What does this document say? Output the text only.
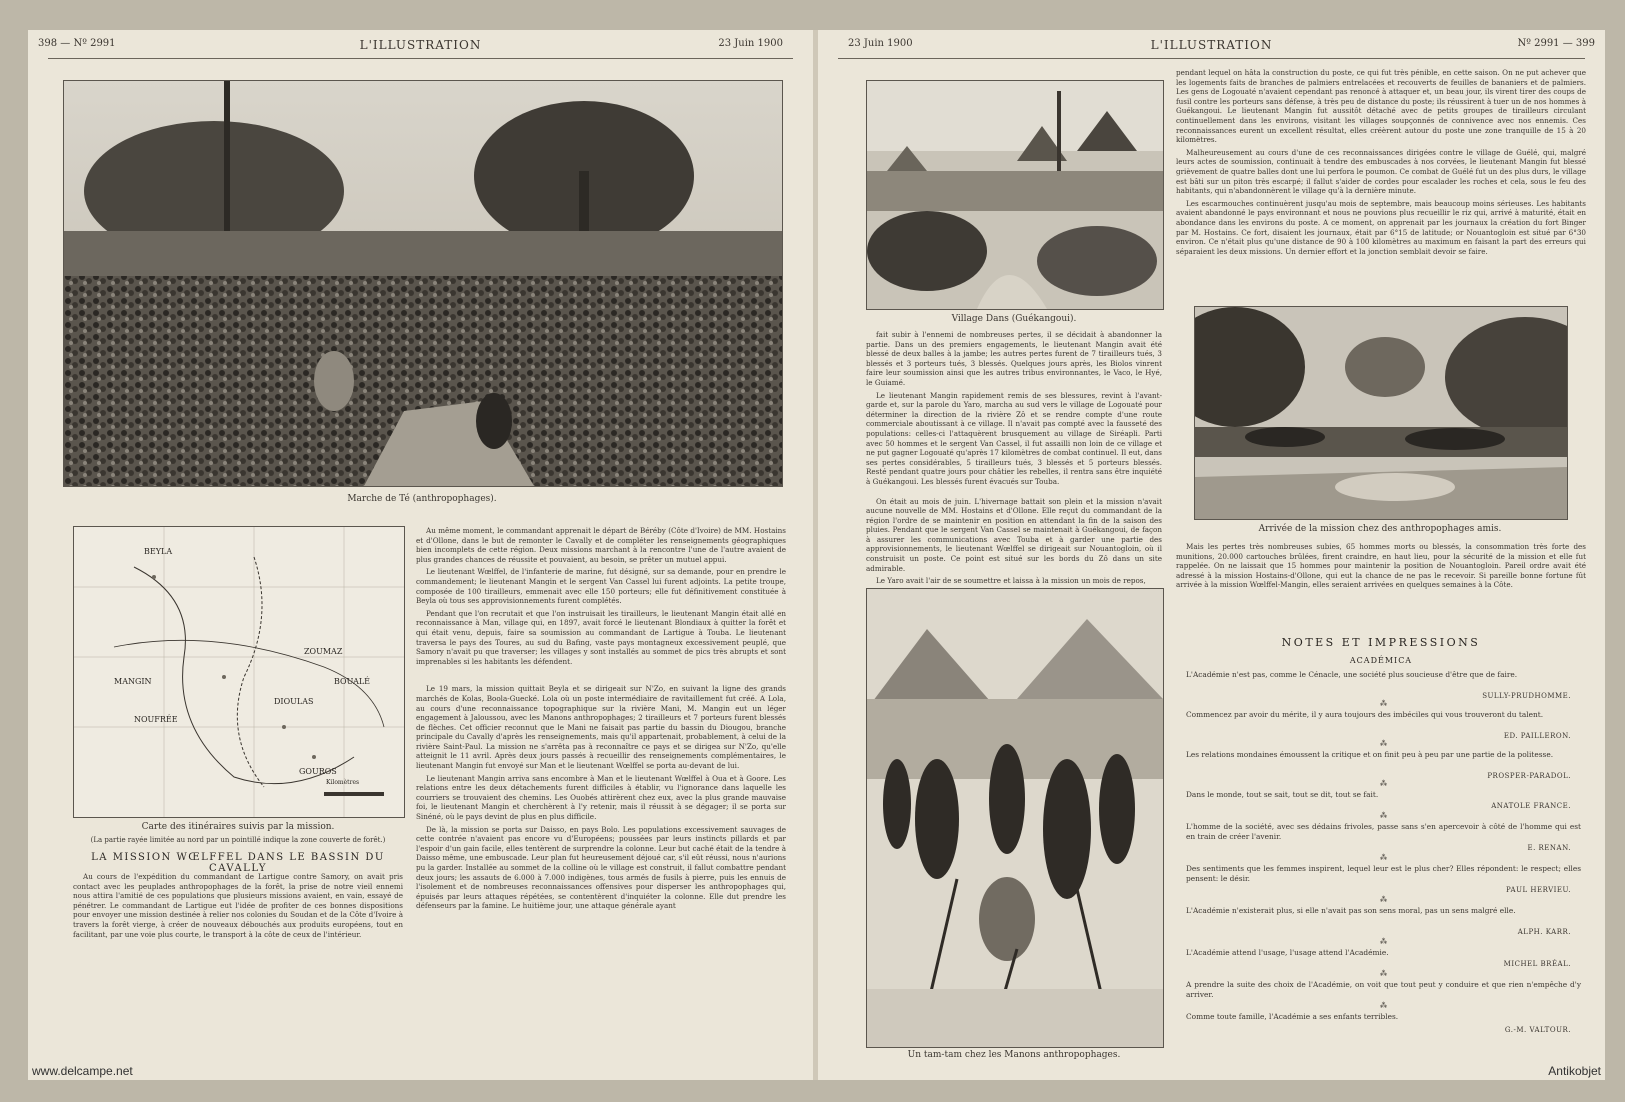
398 — Nº 2991	L'ILLUSTRATION	23 Juin 1900
Marche de Té (anthropophages).
BEYLA
MANGIN
NOUFRÉE
GOUROS
DIOULAS
ZOUMAZ
BOUALÉ
Kilomètres
Carte des itinéraires suivis par la mission.
(La partie rayée limitée au nord par un pointillé indique la zone couverte de forêt.)
LA MISSION WŒLFFEL DANS LE BASSIN DU CAVALLY

Au cours de l'expédition du commandant de Lartigue contre Samory, on avait pris contact avec les peuplades anthropophages de la forêt, la prise de notre vieil ennemi nous attira l'amitié de ces populations que plusieurs missions avaient, en vain, essayé de pénétrer. Le commandant de Lartigue eut l'idée de profiter de ces bonnes dispositions pour envoyer une mission destinée à relier nos colonies du Soudan et de la Côte d'Ivoire à travers la forêt vierge, à créer de nouveaux débouchés aux produits européens, tout en facilitant, par une voie plus courte, le transport à la côte de ceux de l'intérieur.

Au même moment, le commandant apprenait le départ de Béréby (Côte d'Ivoire) de MM. Hostains et d'Ollone, dans le but de remonter le Cavally et de compléter les renseignements géographiques bien incomplets de cette région. Deux missions marchant à la rencontre l'une de l'autre avaient de plus grandes chances de réussite et pouvaient, au besoin, se prêter un mutuel appui.

Le lieutenant Wœlffel, de l'infanterie de marine, fut désigné, sur sa demande, pour en prendre le commandement; le lieutenant Mangin et le sergent Van Cassel lui furent adjoints. La petite troupe, composée de 100 tirailleurs, emmenait avec elle 150 porteurs; elle fut définitivement constituée à Beyla où tous ses approvisionnements furent complétés.

Pendant que l'on recrutait et que l'on instruisait les tirailleurs, le lieutenant Mangin était allé en reconnaissance à Man, village qui, en 1897, avait forcé le lieutenant Blondiaux à quitter la forêt et qui était venu, depuis, faire sa soumission au commandant de Lartigue à Touba. Le lieutenant traversa le pays des Toures, au sud du Bafing, vaste pays montagneux excessivement peuplé, que Samory n'avait pu que traverser; les villages y sont installés au sommet de pics très abrupts et sont imprenables si les habitants les défendent.

Le 19 mars, la mission quittait Beyla et se dirigeait sur N'Zo, en suivant la ligne des grands marchés de Kolas, Boola-Guecké. Lola où un poste intermédiaire de ravitaillement fut créé. A Lola, au cours d'une reconnaissance topographique sur la rivière Mani, M. Mangin eut un léger engagement à Jaloussou, avec les Manons anthropophages; 2 tirailleurs et 7 porteurs furent blessés de flèches. Cet officier reconnut que le Mani ne faisait pas partie du bassin du Diougou, branche principale du Cavally d'après les renseignements, mais qu'il appartenait, probablement, à celui de la rivière Saint-Paul. La mission ne s'arrêta pas à reconnaître ce pays et se dirigea sur N'Zo, qu'elle atteignit le 11 avril. Après deux jours passés à recueillir des renseignements complémentaires, le lieutenant Mangin fut envoyé sur Man et le lieutenant Wœlffel se porta au-devant de lui.

Le lieutenant Mangin arriva sans encombre à Man et le lieutenant Wœlffel à Oua et à Goore. Les relations entre les deux détachements furent difficiles à établir, vu l'ignorance dans laquelle les courriers se trouvaient des chemins. Les Ouobés attirèrent chez eux, avec la plus grande mauvaise foi, le lieutenant Mangin et cherchèrent à l'y retenir, mais il réussit à se dégager; il se porta sur Sinéné, où le pays devint de plus en plus difficile.

De là, la mission se porta sur Daisso, en pays Bolo. Les populations excessivement sauvages de cette contrée n'avaient pas encore vu d'Européens; poussées par leurs instincts pillards et par l'espoir d'un gain facile, elles tentèrent de surprendre la colonne. Leur but caché était de la tendre à Daisso même, une embuscade. Leur plan fut heureusement déjoué car, s'il eût réussi, nous n'aurions pu la garder. Installée au sommet de la colline où le village est construit, il fallut combattre pendant deux jours; les assauts de 6.000 à 7.000 indigènes, tous armés de fusils à pierre, puis les ennuis de l'isolement et de nombreuses reconnaissances offensives pour disperser les anthropophages qui, épuisés par leurs attaques répétées, se contentèrent d'inquiéter la colonne. Elle dut prendre les défenseurs par la famine. Le huitième jour, une attaque générale ayant

www.delcampe.net
23 Juin 1900	L'ILLUSTRATION	Nº 2991 — 399
Village Dans (Guékangoui).

fait subir à l'ennemi de nombreuses pertes, il se décidait à abandonner la partie. Dans un des premiers engagements, le lieutenant Mangin avait été blessé de deux balles à la jambe; les autres pertes furent de 7 tirailleurs tués, 3 blessés et 3 porteurs tués, 3 blessés. Quelques jours après, les Biolos vinrent faire leur soumission ainsi que les autres tribus environnantes, le Vaco, le Hyé, le Guiamé.

Le lieutenant Mangin rapidement remis de ses blessures, revint à l'avant-garde et, sur la parole du Yaro, marcha au sud vers le village de Logouaté pour déterminer la direction de la rivière Zô et se rendre compte d'une route commerciale aboutissant à ce village. Il n'avait pas compté avec la fausseté des populations: celles-ci l'attaquèrent brusquement au village de Siréapli. Parti avec 50 hommes et le sergent Van Cassel, il fut assailli non loin de ce village et ne put gagner Logouaté qu'après 17 kilomètres de combat continuel. Il eut, dans ses pertes considérables, 5 tirailleurs tués, 3 blessés et 5 porteurs blessés. Resté pendant quatre jours pour châtier les rebelles, il rentra sans être inquiété à Guékangoui. Les blessés furent évacués sur Touba.

On était au mois de juin. L'hivernage battait son plein et la mission n'avait aucune nouvelle de MM. Hostains et d'Ollone. Elle reçut du commandant de la région l'ordre de se maintenir en position en attendant la fin de la saison des pluies. Pendant que le sergent Van Cassel se maintenait à Guékangoui, de façon à assurer les communications avec Touba et à garder une partie des approvisionnements, le lieutenant Wœlffel se dirigeait sur Nouantogloin, où il construisit un poste. Ce point est situé sur les bords du Zô dans un site admirable.

Le Yaro avait l'air de se soumettre et laissa à la mission un mois de repos,

Un tam-tam chez les Manons anthropophages.

pendant lequel on hâta la construction du poste, ce qui fut très pénible, en cette saison. On ne put achever que les logements faits de branches de palmiers entrelacées et recouverts de feuilles de bananiers et de palmiers. Les gens de Logouaté n'avaient cependant pas renoncé à attaquer et, un beau jour, ils virent tirer des coups de fusil contre les porteurs sans défense, à très peu de distance du poste; ils réussirent à tuer un de nos hommes à Guékangoui. Le lieutenant Mangin fut aussitôt détaché avec de petits groupes de tirailleurs circulant continuellement dans les environs, visitant les villages soupçonnés de connivence avec nos ennemis. Ces reconnaissances eurent un excellent résultat, elles créèrent autour du poste une zone tranquille de 15 à 20 kilomètres.

Malheureusement au cours d'une de ces reconnaissances dirigées contre le village de Guélé, qui, malgré leurs actes de soumission, continuait à tendre des embuscades à nos corvées, le lieutenant Mangin fut blessé grièvement de quatre balles dont une lui perfora le poumon. Ce combat de Guélé fut un des plus durs, le village est bâti sur un piton très escarpé; il fallut s'aider de cordes pour escalader les roches et cela, sous le feu des habitants, qui n'abandonnèrent le village qu'à la dernière minute.

Les escarmouches continuèrent jusqu'au mois de septembre, mais beaucoup moins sérieuses. Les habitants avaient abandonné le pays environnant et nous ne pouvions plus recueillir le riz qui, arrivé à maturité, était en abondance dans les environs du poste. A ce moment, on apprenait par les journaux la création du fort Binger par M. Hostains. Ce fort, disaient les journaux, était par 6°15 de latitude; or Nouantogloin est situé par 6°30 environ. Ce n'était plus qu'une distance de 90 à 100 kilomètres au maximum en faisant la part des erreurs qui séparaient les deux missions. Un dernier effort et la jonction semblait devoir se faire.

Arrivée de la mission chez des anthropophages amis.

Mais les pertes très nombreuses subies, 65 hommes morts ou blessés, la consommation très forte des munitions, 20.000 cartouches brûlées, firent craindre, en haut lieu, pour la sécurité de la mission et elle fut rappelée. On ne laissait que 15 hommes pour maintenir la position de Nouantogloin. Pareil ordre avait été adressé à la mission Hostains-d'Ollone, qui eut la chance de ne pas le recevoir. Si pareille bonne fortune fût arrivée à la mission Wœlffel-Mangin, elles seraient arrivées en quelques semaines à la Côte.

NOTES ET IMPRESSIONS
ACADÉMICA
L'Académie n'est pas, comme le Cénacle, une société plus soucieuse d'être que de faire.
SULLY-PRUDHOMME.
⁂
Commencez par avoir du mérite, il y aura toujours des imbéciles qui vous trouveront du talent.
ED. PAILLERON.
⁂
Les relations mondaines émoussent la critique et on finit peu à peu par une partie de la politesse.
PROSPER-PARADOL.
⁂
Dans le monde, tout se sait, tout se dit, tout se fait.
ANATOLE FRANCE.
⁂
L'homme de la société, avec ses dédains frivoles, passe sans s'en apercevoir à côté de l'homme qui est en train de créer l'avenir.
E. RENAN.
⁂
Des sentiments que les femmes inspirent, lequel leur est le plus cher? Elles répondent: le respect; elles pensent: le désir.
PAUL HERVIEU.
⁂
L'Académie n'existerait plus, si elle n'avait pas son sens moral, pas un sens malgré elle.
ALPH. KARR.
⁂
L'Académie attend l'usage, l'usage attend l'Académie.
MICHEL BRÉAL.
⁂
A prendre la suite des choix de l'Académie, on voit que tout peut y conduire et que rien n'empêche d'y arriver.
⁂
Comme toute famille, l'Académie a ses enfants terribles.
G.-M. VALTOUR.
Antikobjet
